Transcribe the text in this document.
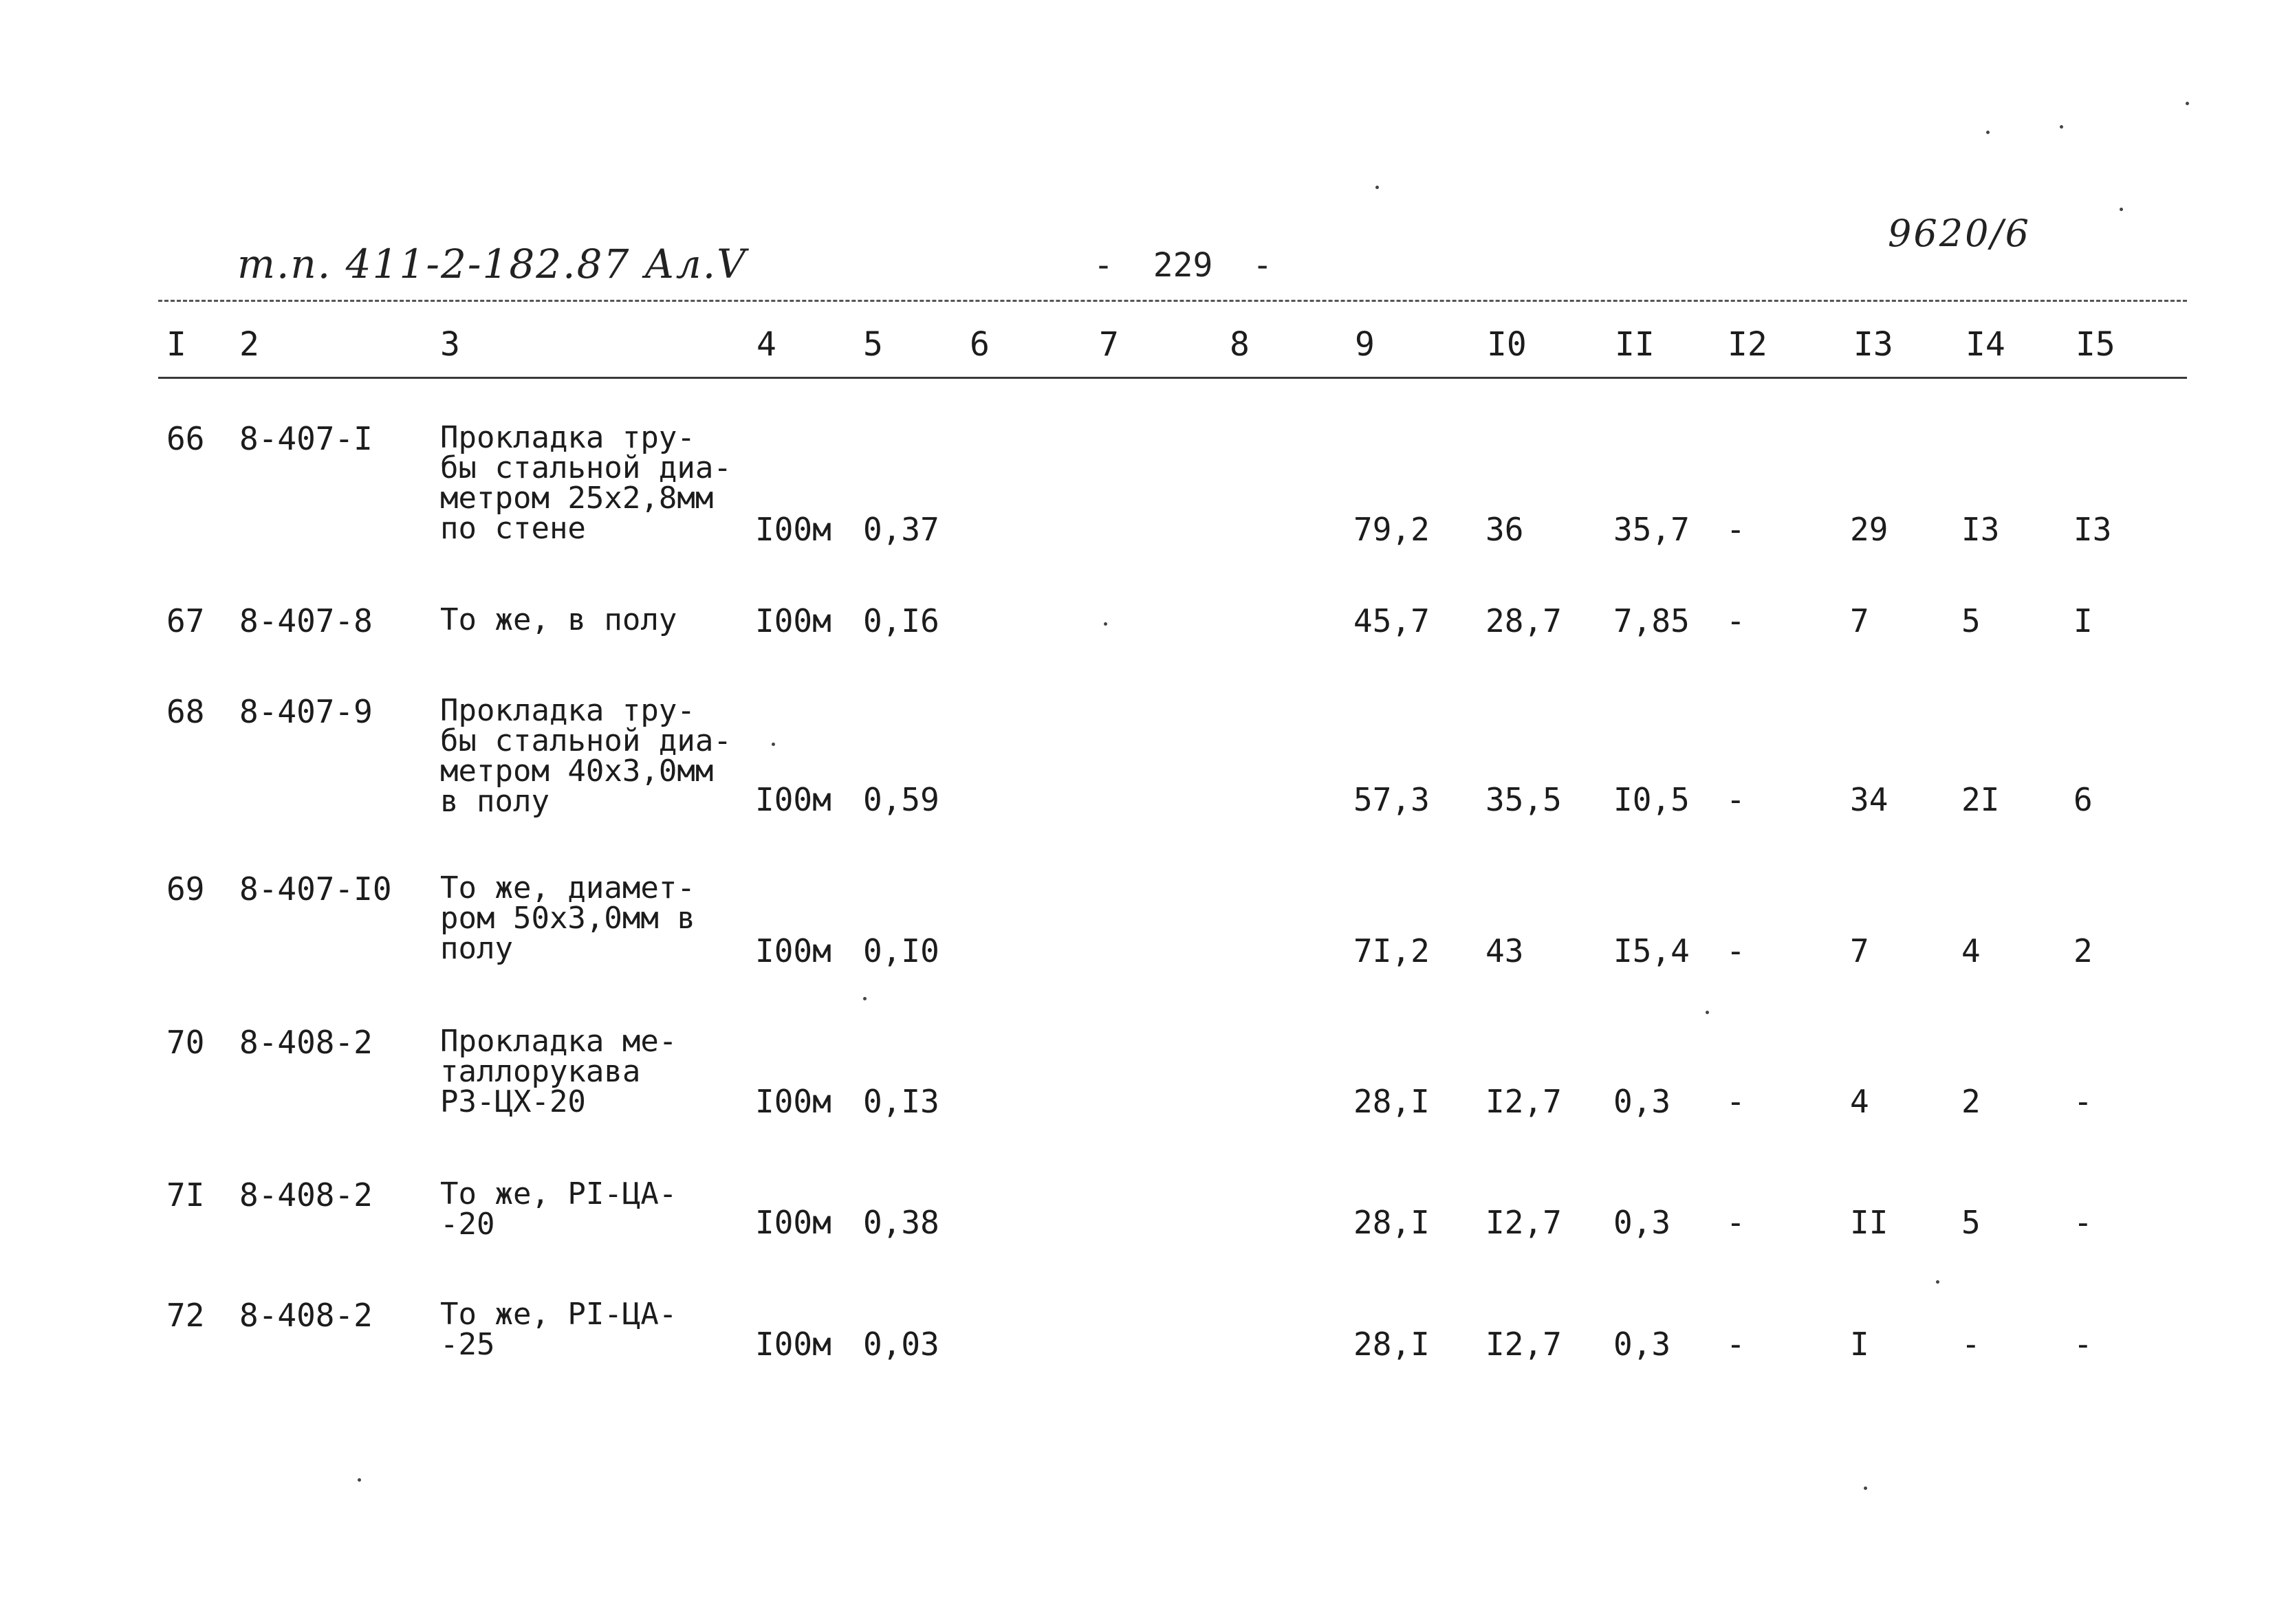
т.п. 411-2-182.87 Ал.V	-  229  -
9620/6
I 2	3	4	5	6	7	8	9	I0	II I2	I3 I4 I5
66 8-407-I Прокладка тру-
бы стальной диа-
метром 25х2,8мм
по стене	I00м 0,37	79,2 36	35,7 -	29 I3 I3
67 8-407-8 То же, в полу	I00м 0,I6	45,7 28,7 7,85 -	7	5	I
68 8-407-9 Прокладка тру-
бы стальной диа-
метром 40х3,0мм
в полу	I00м 0,59	57,3 35,5 I0,5 -	34 2I 6
69 8-407-I0 То же, диамет-
ром 50х3,0мм в
полу	I00м 0,I0	7I,2 43	I5,4 -	7	4	2
70 8-408-2 Прокладка ме-
таллорукава
РЗ-ЦХ-20	I00м 0,I3	28,I I2,7 0,3 -	4	2	-
7I 8-408-2 То же, РI-ЦА-
-20	I00м 0,38	28,I I2,7 0,3 -	II 5	-
72 8-408-2 То же, РI-ЦА-
-25	I00м 0,03	28,I I2,7 0,3 -	I	-	-
